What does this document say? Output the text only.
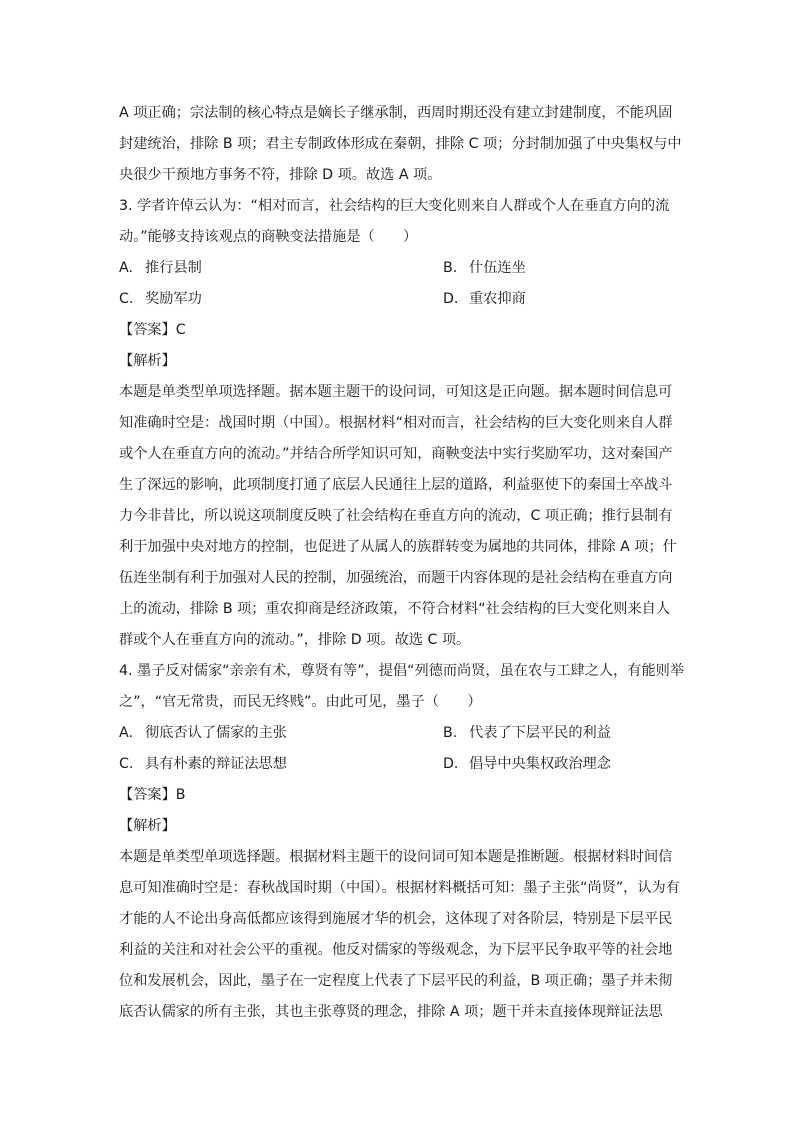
A 项正确；宗法制的核心特点是嫡长子继承制，西周时期还没有建立封建制度，不能巩固
封建统治，排除 B 项；君主专制政体形成在秦朝，排除 C 项；分封制加强了中央集权与中
央很少干预地方事务不符，排除 D 项。故选 A 项。
3. 学者许倬云认为：“相对而言，社会结构的巨大变化则来自人群或个人在垂直方向的流
动。”能够支持该观点的商鞅变法措施是（　　）
A. 推行县制	B. 什伍连坐
C. 奖励军功	D. 重农抑商
【答案】C
【解析】
本题是单类型单项选择题。据本题主题干的设问词，可知这是正向题。据本题时间信息可
知准确时空是：战国时期（中国）。根据材料“相对而言，社会结构的巨大变化则来自人群
或个人在垂直方向的流动。”并结合所学知识可知，商鞅变法中实行奖励军功，这对秦国产
生了深远的影响，此项制度打通了底层人民通往上层的道路，利益驱使下的秦国士卒战斗
力今非昔比，所以说这项制度反映了社会结构在垂直方向的流动，C 项正确；推行县制有
利于加强中央对地方的控制，也促进了从属人的族群转变为属地的共同体，排除 A 项；什
伍连坐制有利于加强对人民的控制，加强统治，而题干内容体现的是社会结构在垂直方向
上的流动，排除 B 项；重农抑商是经济政策，不符合材料“社会结构的巨大变化则来自人
群或个人在垂直方向的流动。”，排除 D 项。故选 C 项。
4. 墨子反对儒家“亲亲有术，尊贤有等”，提倡“列德而尚贤，虽在农与工肆之人，有能则举
之”，“官无常贵，而民无终贱”。由此可见，墨子（　　）
A. 彻底否认了儒家的主张	B. 代表了下层平民的利益
C. 具有朴素的辩证法思想	D. 倡导中央集权政治理念
【答案】B
【解析】
本题是单类型单项选择题。根据材料主题干的设问词可知本题是推断题。根据材料时间信
息可知准确时空是：春秋战国时期（中国）。根据材料概括可知：墨子主张“尚贤”，认为有
才能的人不论出身高低都应该得到施展才华的机会，这体现了对各阶层，特别是下层平民
利益的关注和对社会公平的重视。他反对儒家的等级观念，为下层平民争取平等的社会地
位和发展机会，因此，墨子在一定程度上代表了下层平民的利益，B 项正确；墨子并未彻
底否认儒家的所有主张，其也主张尊贤的理念，排除 A 项；题干并未直接体现辩证法思
